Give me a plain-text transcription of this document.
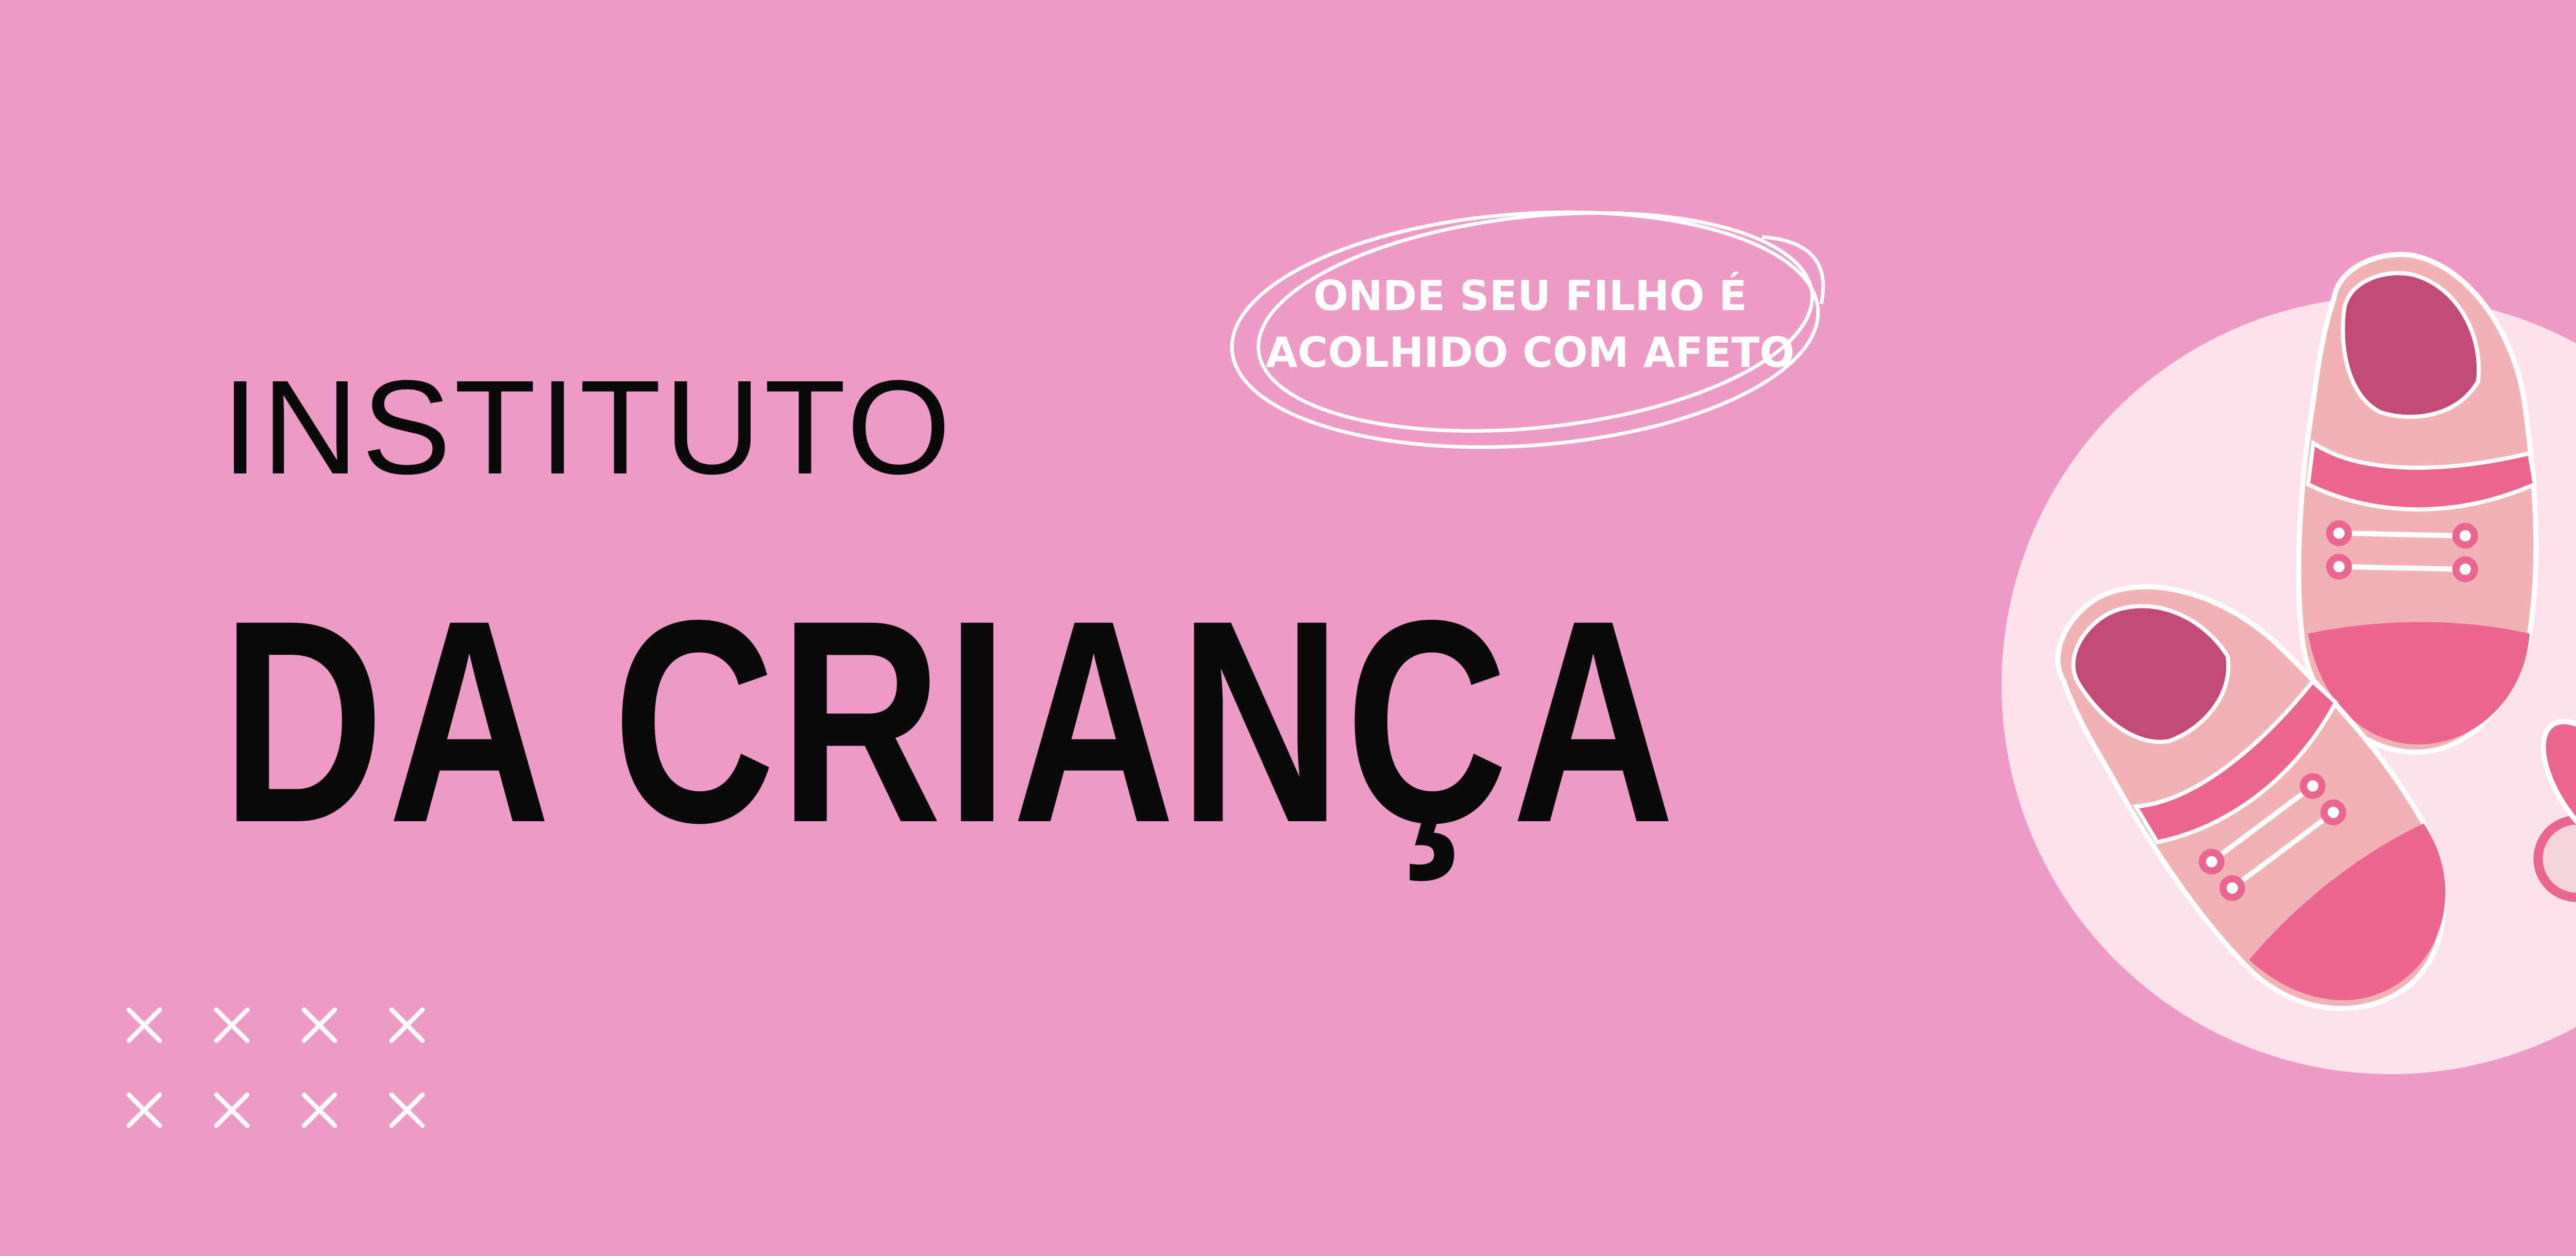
INSTITUTO
DA CRIANÇA
ONDE SEU FILHO É
ACOLHIDO COM AFETO
